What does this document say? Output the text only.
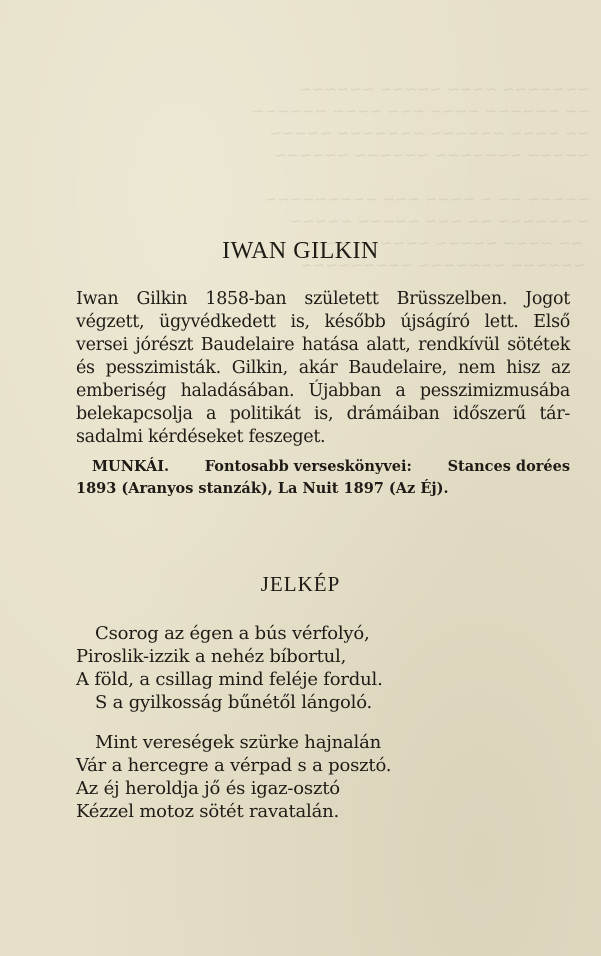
~~~~~~~ ~~~~ ~~~~~ ~~~~~~
~~ ~~~~~~ ~~~~ ~~~ ~~~~ ~~~~~~
~~ ~~~~ ~~~~~~ ~~~~~~~ ~~~~~
~~~~~ ~~~~~~~ ~~~~~~ ~~~~~~

~~~~~ ~~ ~ ~~~~ ~~~ ~~~~~~~~~
~ ~~~~~~ ~~ ~~~ ~~~~~ ~~~~~
~~ ~~~~ ~~~~~ ~~~~~~ ~~~~
~~~~~~ ~~~~~~~ ~~~~~~~~~
IWAN GILKIN
Iwan Gilkin 1858-ban született Brüsszelben. Jogot
végzett, ügyvédkedett is, később újságíró lett. Első
versei jórészt Baudelaire hatása alatt, rendkívül sötétek
és pesszimisták. Gilkin, akár Baudelaire, nem hisz az
emberiség haladásában. Újabban a pesszimizmusába
belekapcsolja a politikát is, drámáiban időszerű tár-
sadalmi kérdéseket feszeget.
MUNKÁI. Fontosabb verseskönyvei: Stances dorées
1893 (Aranyos stanzák), La Nuit 1897 (Az Éj).
JELKÉP
Csorog az égen a bús vérfolyó,
Piroslik-izzik a nehéz bíbortul,
A föld, a csillag mind feléje fordul.
S a gyilkosság bűnétől lángoló.
Mint vereségek szürke hajnalán
Vár a hercegre a vérpad s a posztó.
Az éj heroldja jő és igaz-osztó
Kézzel motoz sötét ravatalán.
